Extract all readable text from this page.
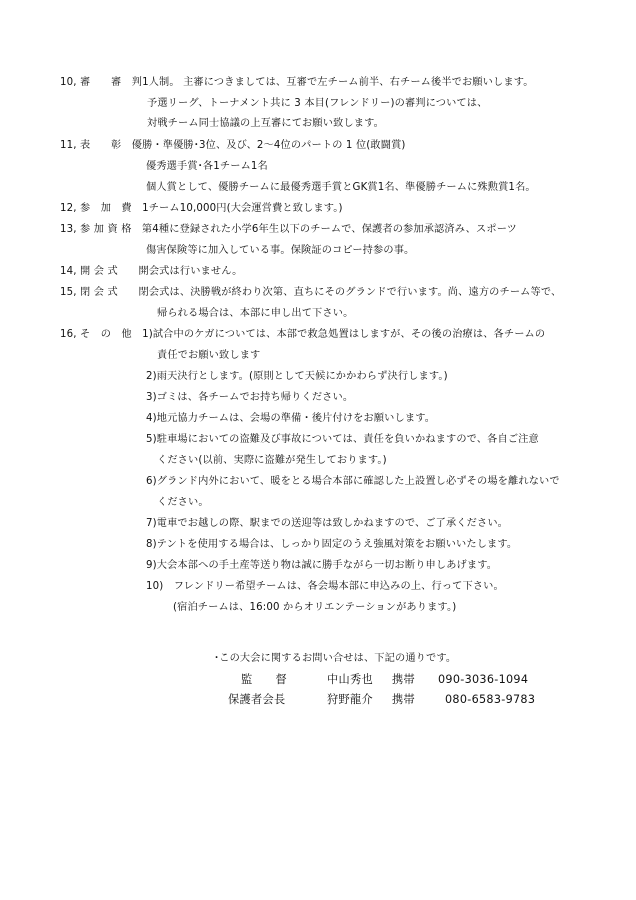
10, 審　　審　判1人制。 主審につきましては、互審で左チーム前半、右チーム後半でお願いします。
予選リーグ、トーナメント共に 3 本目(フレンドリー)の審判については、
対戦チーム同士協議の上互審にてお願い致します。
11, 表　　彰　優勝・準優勝･3位、及び、2～4位のパートの 1 位(敢闘賞)
優秀選手賞･各1チーム1名
個人賞として、優勝チームに最優秀選手賞とGK賞1名、準優勝チームに殊勲賞1名。
12, 参　加　費　1チーム10,000円(大会運営費と致します。)
13, 参 加 資 格　第4種に登録された小学6年生以下のチームで、保護者の参加承認済み、スポーツ
傷害保険等に加入している事。保険証のコピー持参の事。
14, 開 会 式　　開会式は行いません。
15, 閉 会 式　　閉会式は、決勝戦が終わり次第、直ちにそのグランドで行います。尚、遠方のチーム等で、
帰られる場合は、本部に申し出て下さい。
16, そ　の　他　1)試合中のケガについては、本部で救急処置はしますが、その後の治療は、各チームの
責任でお願い致します
2)雨天決行とします。(原則として天候にかかわらず決行します。)
3)ゴミは、各チームでお持ち帰りください。
4)地元協力チームは、会場の準備・後片付けをお願いします。
5)駐車場においての盗難及び事故については、責任を負いかねますので、各自ご注意
ください(以前、実際に盗難が発生しております。)
6)グランド内外において、暖をとる場合本部に確認した上設置し必ずその場を離れないで
ください。
7)電車でお越しの際、駅までの送迎等は致しかねますので、ご了承ください。
8)テントを使用する場合は、しっかり固定のうえ強風対策をお願いいたします。
9)大会本部への手土産等送り物は誠に勝手ながら一切お断り申しあげます。
10)　フレンドリー希望チームは、各会場本部に申込みの上、行って下さい。
(宿泊チームは、16:00 からオリエンテーションがあります。)
･この大会に関するお問い合せは、下記の通りです。
監　　督	中山秀也 携帯 090-3036-1094
保護者会長	狩野龍介 携帯	080-6583-9783
